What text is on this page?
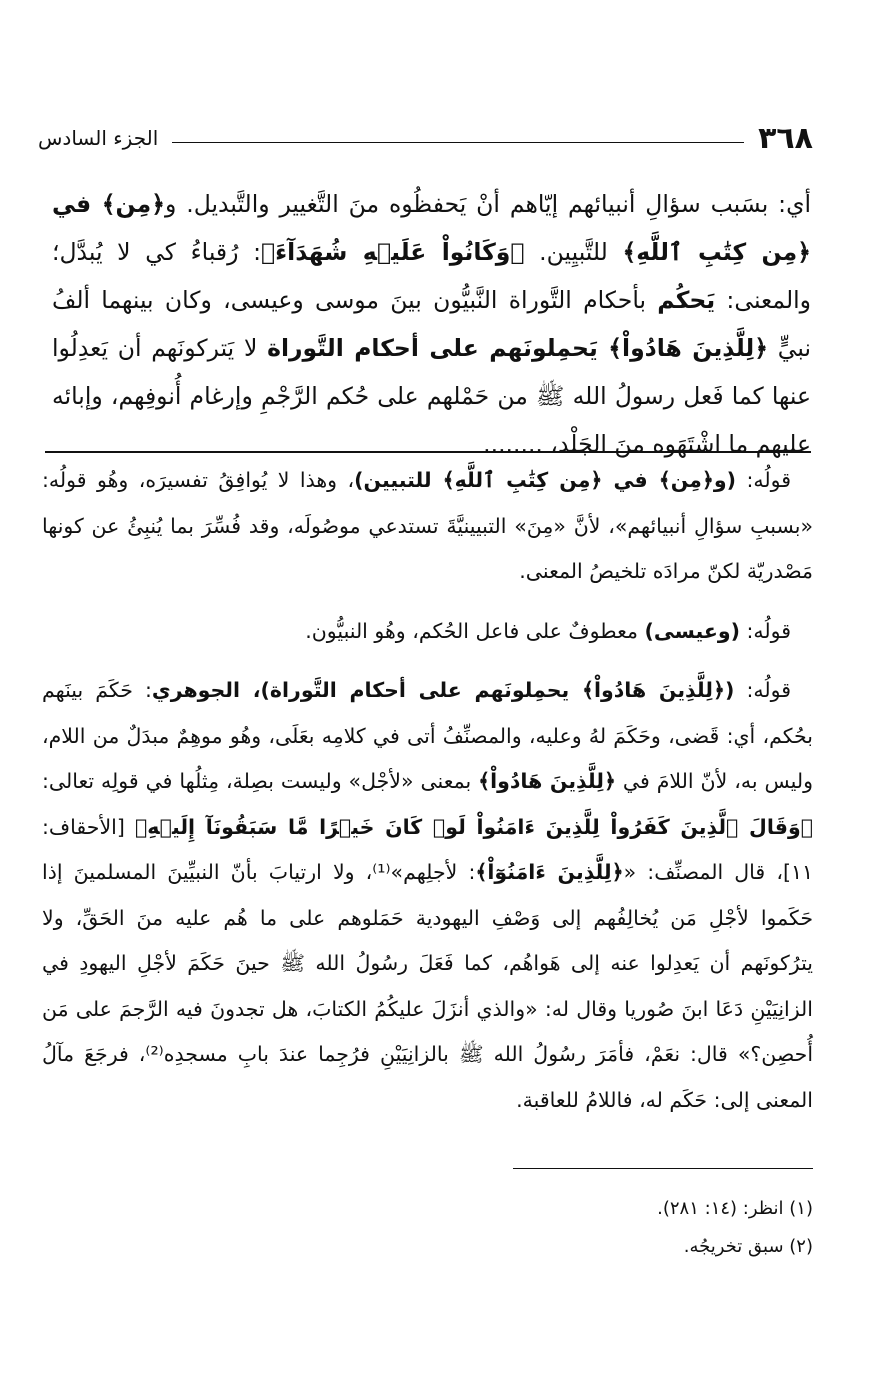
٣٦٨
الجزء السادس

أي: بسَبب سؤالِ أنبيائهم إيّاهم أنْ يَحفظُوه منَ التَّغيير والتَّبديل. و﴿مِن﴾ في ﴿مِن كِتَٰبِ ٱللَّهِ﴾ للتَّبيِين. ﴿وَكَانُواْ عَلَيۡهِ شُهَدَآءَ﴾: رُقباءُ كي لا يُبدَّل؛ والمعنى: يَحكُم بأحكام التَّوراة النَّبيُّون بينَ موسى وعيسى، وكان بينهما ألفُ نبيٍّ ﴿لِلَّذِينَ هَادُواْ﴾ يَحمِلونَهم على أحكام التَّوراة لا يَتركونَهم أن يَعدِلُوا عنها كما فَعل رسولُ الله ﷺ من حَمْلهم على حُكم الرَّجْمِ وإرغام أُنوفِهم، وإبائه عليهم ما اشْتَهَوه منَ الجَلْد، ........

قولُه: (و﴿مِن﴾ في ﴿مِن كِتَٰبِ ٱللَّهِ﴾ للتبيين)، وهذا لا يُوافِقُ تفسيرَه، وهُو قولُه: «بسببِ سؤالِ أنبيائهم»، لأنَّ «مِنَ» التبيينيَّةَ تستدعي موصُولَه، وقد فُسِّرَ بما يُنبِئُ عن كونها مَصْدريّة لكنّ مرادَه تلخيصُ المعنى.

قولُه: (وعيسى) معطوفٌ على فاعل الحُكم، وهُو النبيُّون.

قولُه: (﴿لِلَّذِينَ هَادُواْ﴾ يحمِلونَهم على أحكام التَّوراة)، الجوهري: حَكَمَ بينَهم بحُكم، أي: قَضى، وحَكَمَ لهُ وعليه، والمصنِّفُ أتى في كلامِه بعَلَى، وهُو موهِمٌ مبدَلٌ من اللام، وليس به، لأنّ اللامَ في ﴿لِلَّذِينَ هَادُواْ﴾ بمعنى «لأجْل» وليست بصِلة، مِثلُها في قولِه تعالى: ﴿وَقَالَ ٱلَّذِينَ كَفَرُواْ لِلَّذِينَ ءَامَنُواْ لَوۡ كَانَ خَيۡرًا مَّا سَبَقُونَآ إِلَيۡهِ﴾ [الأحقاف: ١١]، قال المصنِّف: «﴿لِلَّذِينَ ءَامَنُوٓاْ﴾: لأجلِهم»⁽¹⁾، ولا ارتيابَ بأنّ النبيِّينَ المسلمينَ إذا حَكَموا لأجْلِ مَن يُخالِفُهم إلى وَصْفِ اليهودية حَمَلوهم على ما هُم عليه منَ الحَقِّ، ولا يترُكونَهم أن يَعدِلوا عنه إلى هَواهُم، كما فَعَلَ رسُولُ الله ﷺ حينَ حَكَمَ لأجْلِ اليهودِ في الزانِيَيْنِ دَعَا ابنَ صُوريا وقال له: «والذي أنزَلَ عليكُمُ الكتابَ، هل تجدونَ فيه الرَّجمَ على مَن أُحصِن؟» قال: نعَمْ، فأمَرَ رسُولُ الله ﷺ بالزانِيَيْنِ فرُجِما عندَ بابِ مسجدِه⁽²⁾، فرجَعَ مآلُ المعنى إلى: حَكَم له، فاللامُ للعاقبة.

(١) انظر: (١٤: ٢٨١).
(٢) سبق تخريجُه.
